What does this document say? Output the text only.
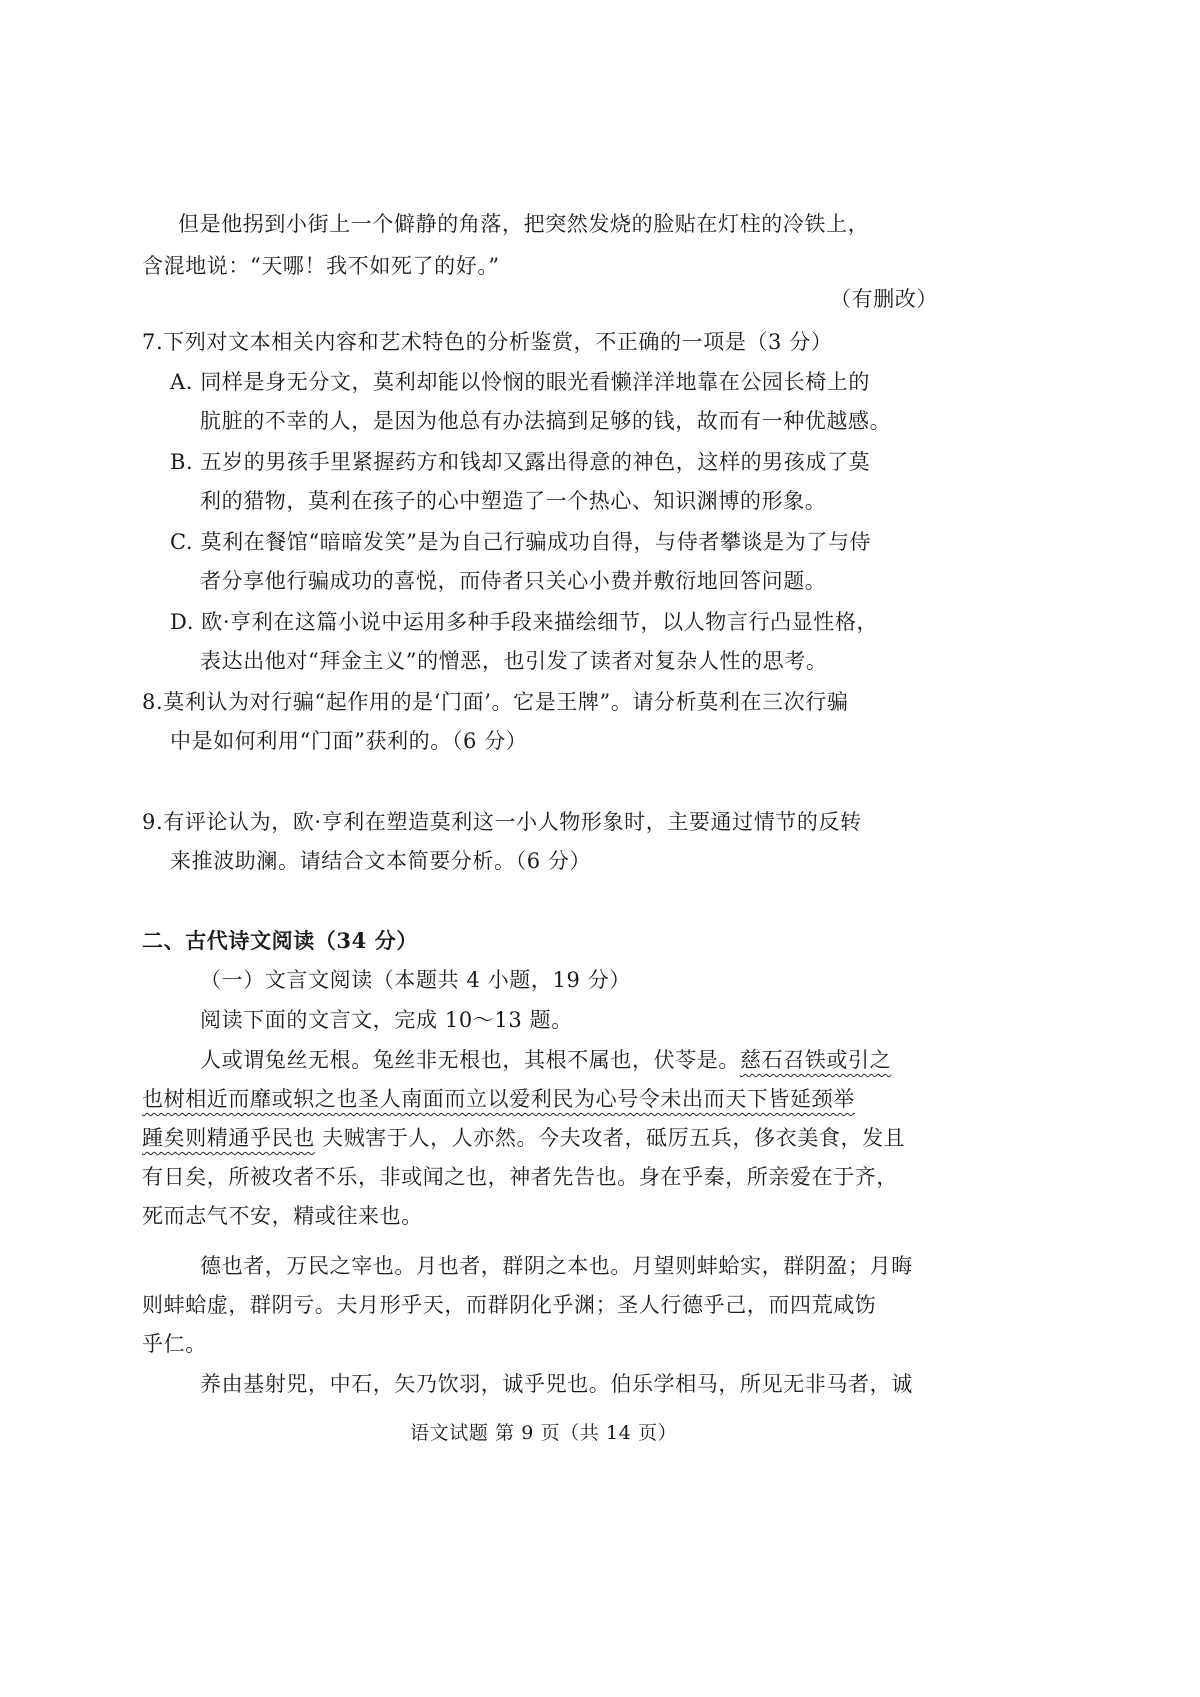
但是他拐到小街上一个僻静的角落，把突然发烧的脸贴在灯柱的冷铁上，
含混地说：“天哪！我不如死了的好。”
（有删改）
7.下列对文本相关内容和艺术特色的分析鉴赏，不正确的一项是（3 分）
A. 同样是身无分文，莫利却能以怜悯的眼光看懒洋洋地靠在公园长椅上的
肮脏的不幸的人，是因为他总有办法搞到足够的钱，故而有一种优越感。
B. 五岁的男孩手里紧握药方和钱却又露出得意的神色，这样的男孩成了莫
利的猎物，莫利在孩子的心中塑造了一个热心、知识渊博的形象。
C. 莫利在餐馆“暗暗发笑”是为自己行骗成功自得，与侍者攀谈是为了与侍
者分享他行骗成功的喜悦，而侍者只关心小费并敷衍地回答问题。
D. 欧·亨利在这篇小说中运用多种手段来描绘细节，以人物言行凸显性格，
表达出他对“拜金主义”的憎恶，也引发了读者对复杂人性的思考。
8.莫利认为对行骗“起作用的是‘门面’。它是王牌”。请分析莫利在三次行骗
中是如何利用“门面”获利的。（6 分）
9.有评论认为，欧·亨利在塑造莫利这一小人物形象时，主要通过情节的反转
来推波助澜。请结合文本简要分析。（6 分）
二、古代诗文阅读（34 分）
（一）文言文阅读（本题共 4 小题，19 分）
阅读下面的文言文，完成 10～13 题。
人或谓兔丝无根。兔丝非无根也，其根不属也，伏苓是。慈石召铁或引之
也树相近而靡或轵之也圣人南面而立以爱利民为心号令未出而天下皆延颈举
踵矣则精通乎民也 夫贼害于人，人亦然。今夫攻者，砥厉五兵，侈衣美食，发且
有日矣，所被攻者不乐，非或闻之也，神者先告也。身在乎秦，所亲爱在于齐，
死而志气不安，精或往来也。
德也者，万民之宰也。月也者，群阴之本也。月望则蚌蛤实，群阴盈；月晦
则蚌蛤虚，群阴亏。夫月形乎天，而群阴化乎渊；圣人行德乎己，而四荒咸饬
乎仁。
养由基射兕，中石，矢乃饮羽，诚乎兕也。伯乐学相马，所见无非马者，诚
语文试题 第 9 页（共 14 页）
